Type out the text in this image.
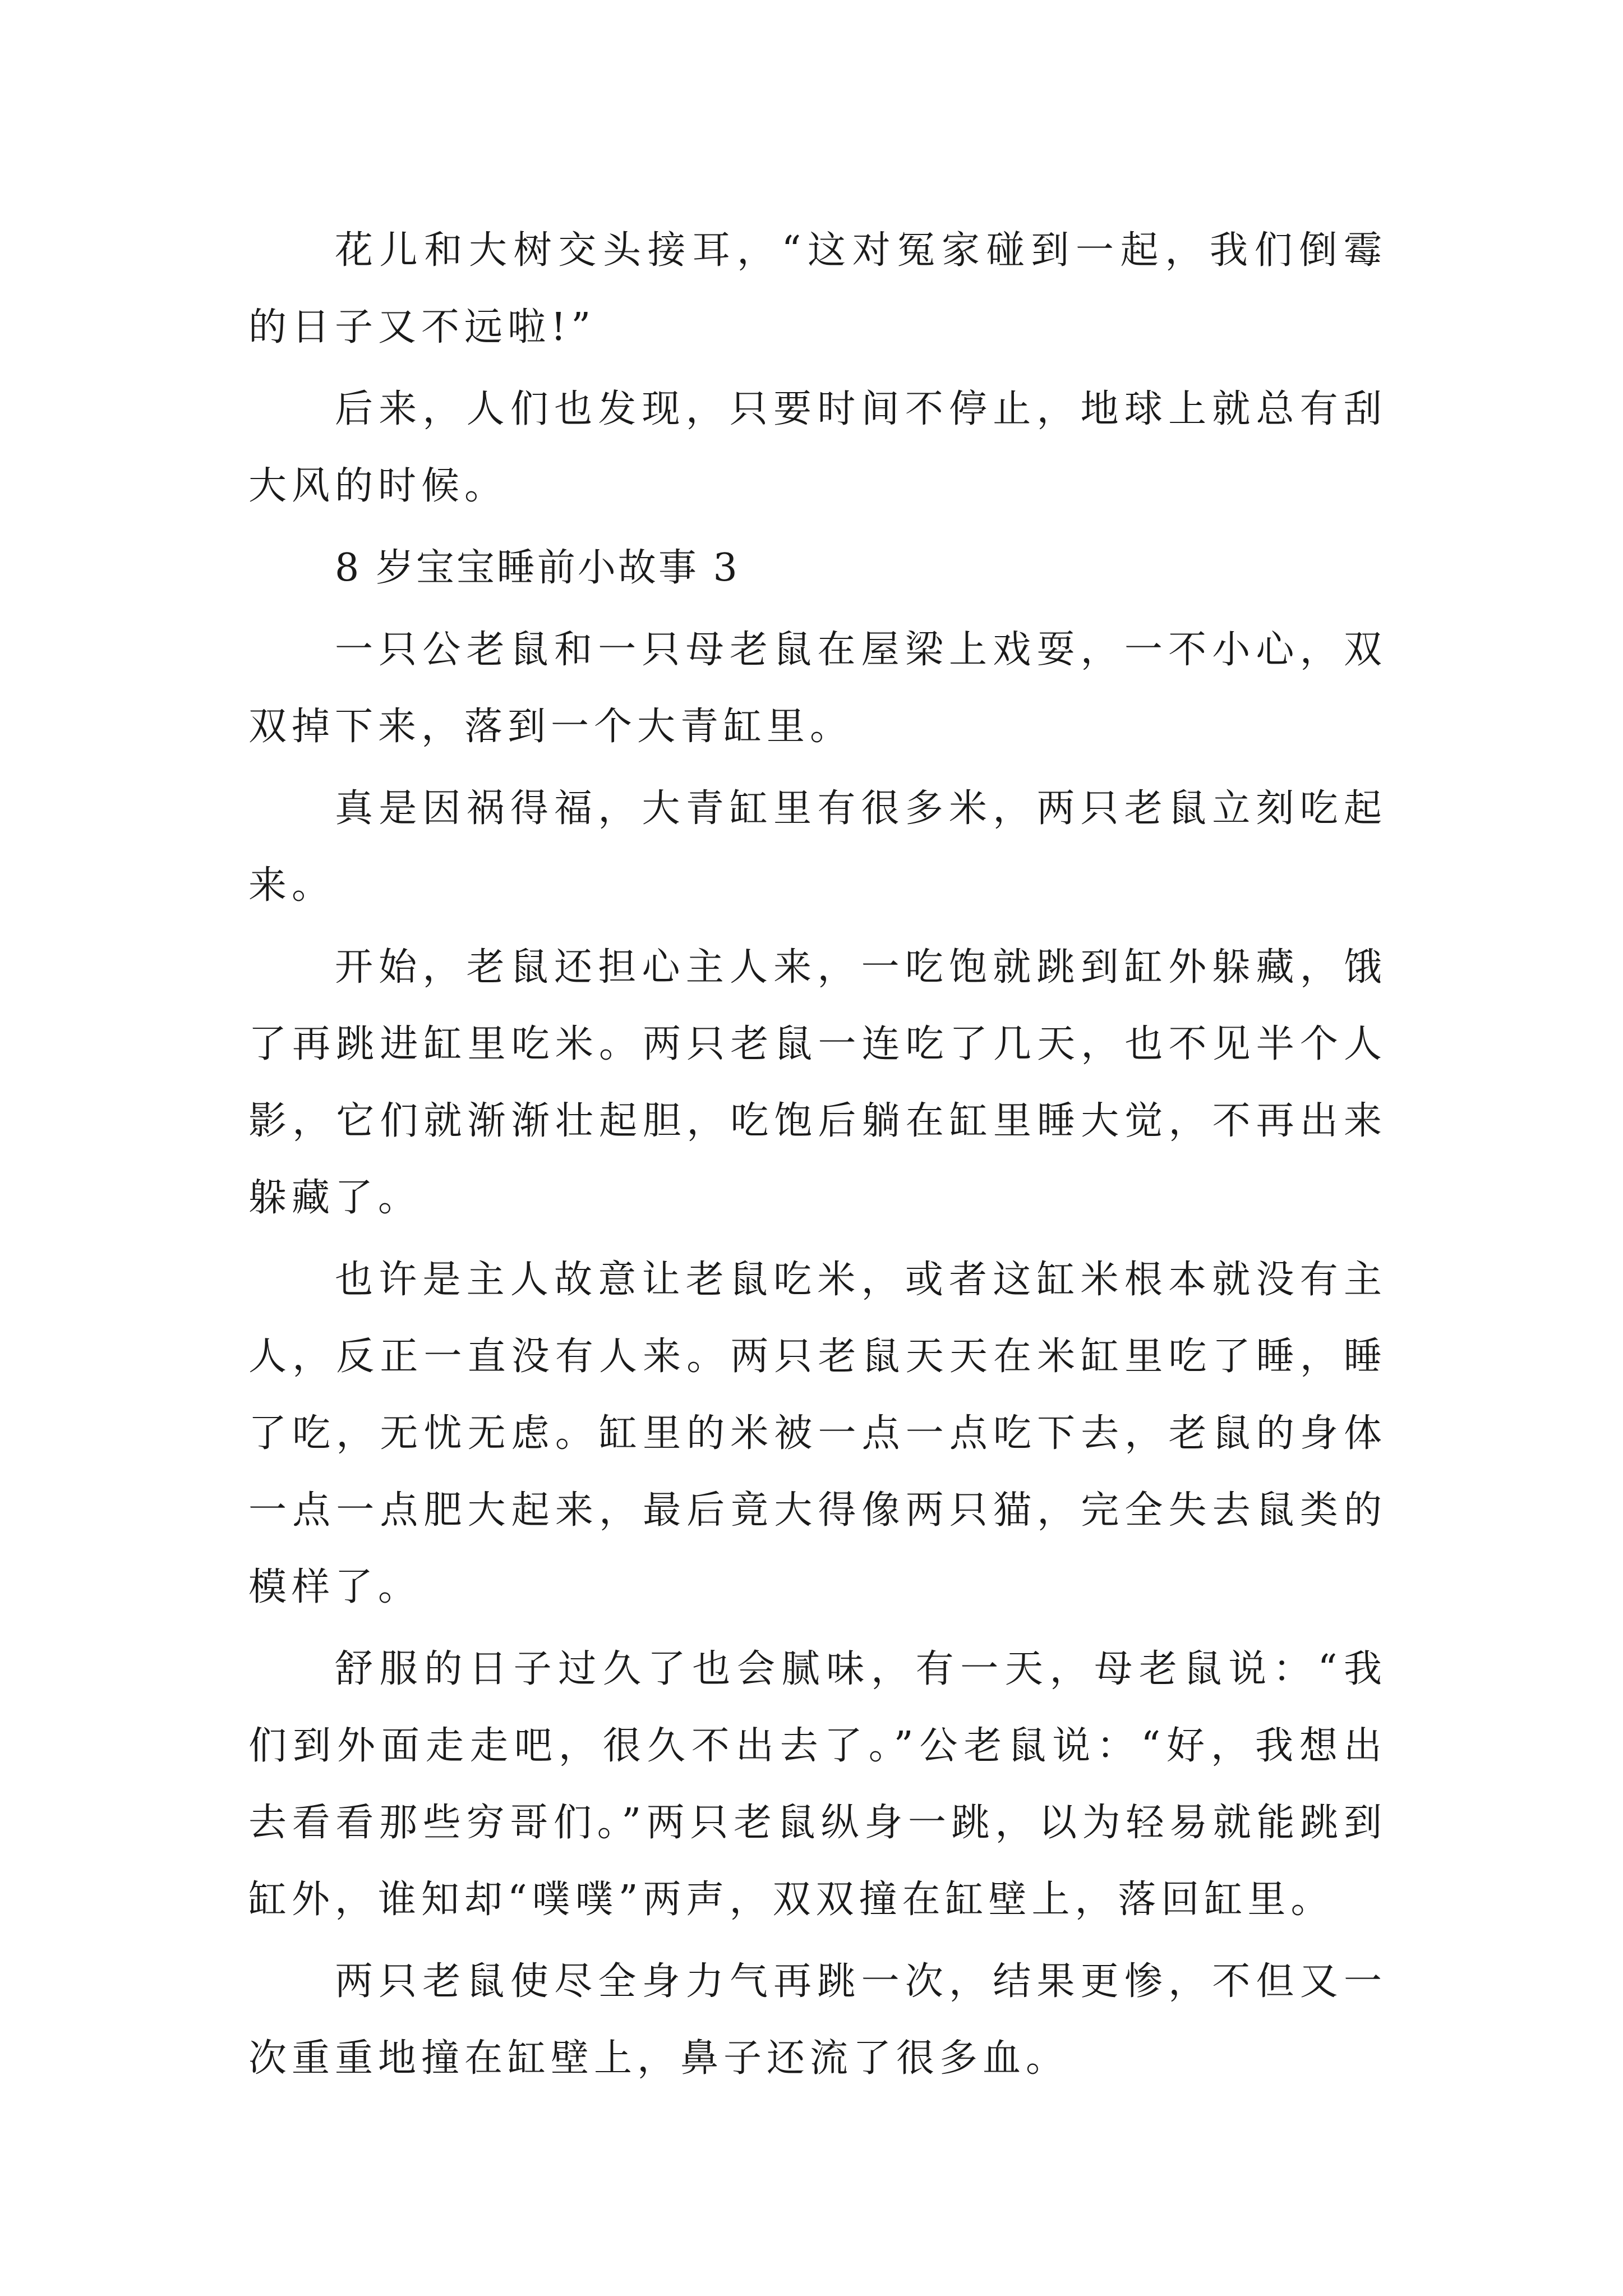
花儿和大树交头接耳，“这对冤家碰到一起，我们倒霉的日子又不远啦!”

后来，人们也发现，只要时间不停止，地球上就总有刮大风的时候。

8 岁宝宝睡前小故事 3

一只公老鼠和一只母老鼠在屋梁上戏耍，一不小心，双双掉下来，落到一个大青缸里。

真是因祸得福，大青缸里有很多米，两只老鼠立刻吃起来。

开始，老鼠还担心主人来，一吃饱就跳到缸外躲藏，饿了再跳进缸里吃米。两只老鼠一连吃了几天，也不见半个人影，它们就渐渐壮起胆，吃饱后躺在缸里睡大觉，不再出来躲藏了。

也许是主人故意让老鼠吃米，或者这缸米根本就没有主人，反正一直没有人来。两只老鼠天天在米缸里吃了睡，睡了吃，无忧无虑。缸里的米被一点一点吃下去，老鼠的身体一点一点肥大起来，最后竟大得像两只猫，完全失去鼠类的模样了。

舒服的日子过久了也会腻味，有一天，母老鼠说：“我们到外面走走吧，很久不出去了。”公老鼠说：“好，我想出去看看那些穷哥们。”两只老鼠纵身一跳，以为轻易就能跳到缸外，谁知却“噗噗”两声，双双撞在缸壁上，落回缸里。

两只老鼠使尽全身力气再跳一次，结果更惨，不但又一次重重地撞在缸壁上，鼻子还流了很多血。
